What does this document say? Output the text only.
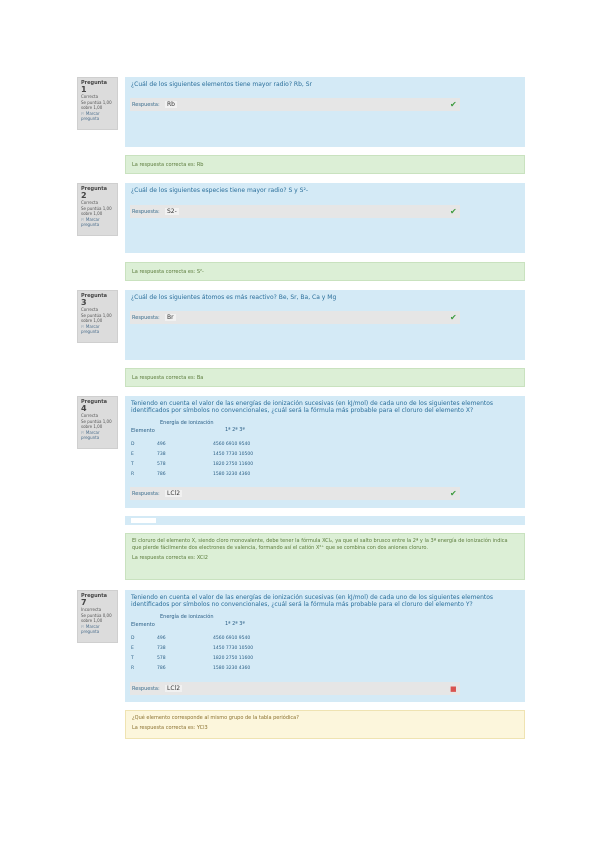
Pregunta 1
Correcta
Se puntúa 1,00 sobre 1,00
⚐ Marcar pregunta
¿Cuál de los siguientes elementos tiene mayor radio? Rb, Sr
Respuesta:	Rb	✔
La respuesta correcta es: Rb
Pregunta 2
Correcta
Se puntúa 1,00 sobre 1,00
⚐ Marcar pregunta
¿Cuál de los siguientes especies tiene mayor radio? S y S²-
Respuesta:	S2-	✔
La respuesta correcta es: S²-
Pregunta 3
Correcta
Se puntúa 1,00 sobre 1,00
⚐ Marcar pregunta
¿Cuál de los siguientes átomos es más reactivo? Be, Sr, Ba, Ca y Mg
Respuesta:	Br	✔
La respuesta correcta es: Ba
Pregunta 4
Correcta
Se puntúa 1,00 sobre 1,00
⚐ Marcar pregunta
Teniendo en cuenta el valor de las energías de ionización sucesivas (en kJ/mol) de cada uno de los siguientes elementos identificados por símbolos no convencionales, ¿cuál será la fórmula más probable para el cloruro del elemento X?
Energía de ionización
Elemento	1ª 2ª 3ª
D	496	4560 6910 9540
E	738	1450 7730 10500
T	578	1820 2750 11600
R	786	1580 3230 4360
Respuesta:	LCl2	✔
El cloruro del elemento X, siendo cloro monovalente, debe tener la fórmula XCl₂, ya que el salto brusco entre la 2ª y la 3ª energía de ionización indica que pierde fácilmente dos electrones de valencia, formando así el catión X²⁺ que se combina con dos aniones cloruro.
La respuesta correcta es: XCl2
Pregunta 7
Incorrecta
Se puntúa 0,00 sobre 1,00
⚐ Marcar pregunta
Teniendo en cuenta el valor de las energías de ionización sucesivas (en kJ/mol) de cada uno de los siguientes elementos identificados por símbolos no convencionales, ¿cuál será la fórmula más probable para el cloruro del elemento Y?
Energía de ionización
Elemento	1ª 2ª 3ª
D	496	4560 6910 9540
E	738	1450 7730 10500
T	578	1820 2750 11600
R	786	1580 3230 4360
Respuesta:	LCl2	■
¿Qué elemento corresponde al mismo grupo de la tabla periódica?
La respuesta correcta es: YCl3
